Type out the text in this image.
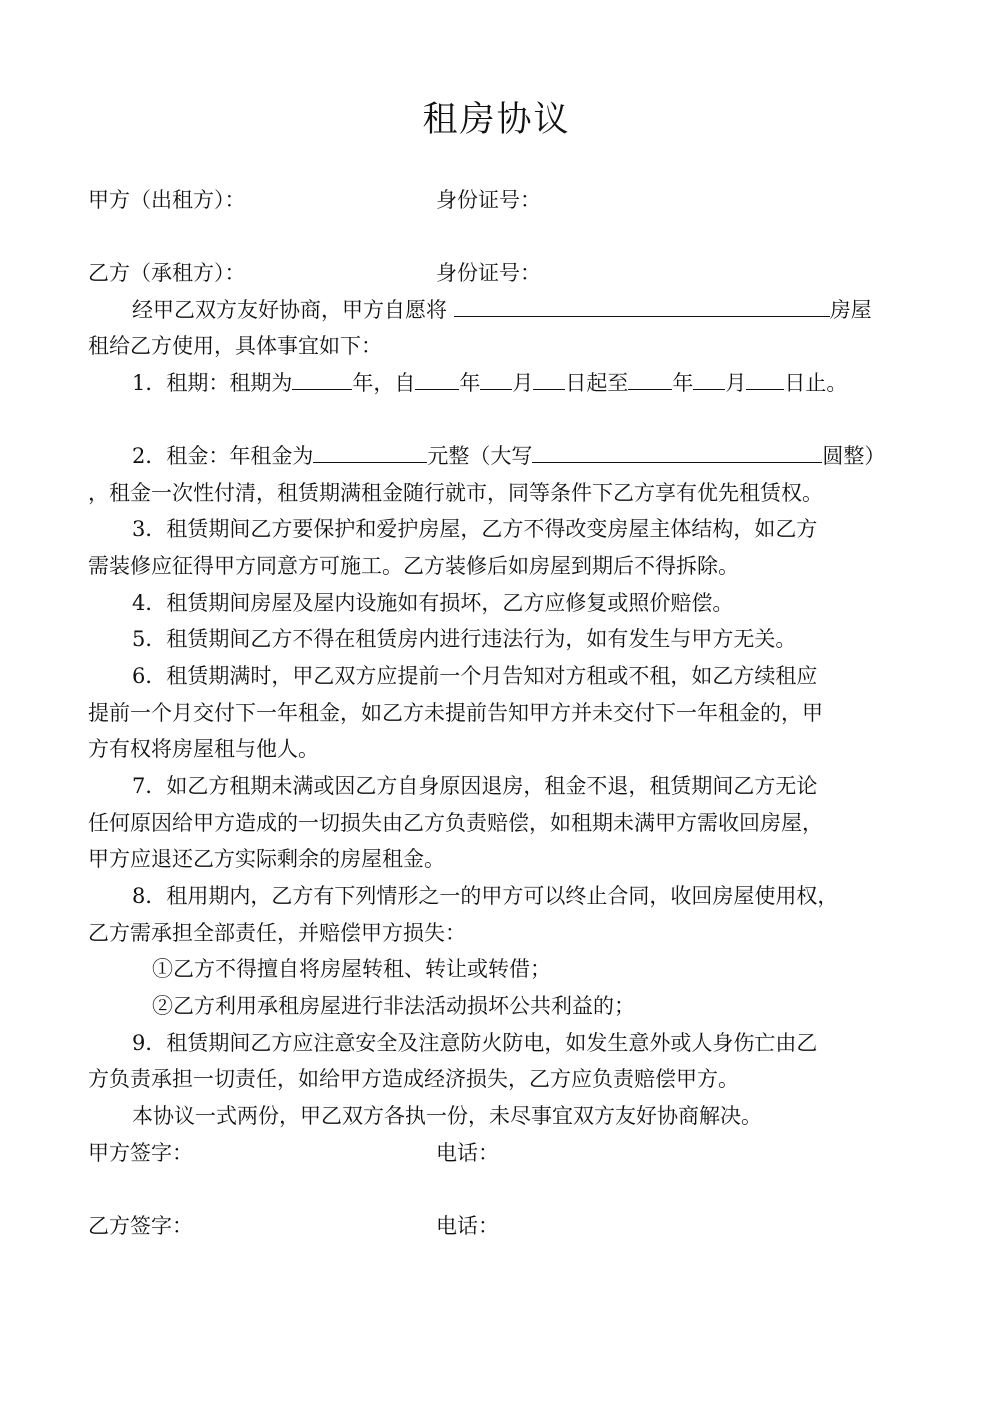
租房协议
甲方（出租方）：	身份证号：
乙方（承租方）：	身份证号：
经甲乙双方友好协商，甲方自愿将	房屋
租给乙方使用，具体事宜如下：
1．租期：租期为	年，自 年 月 日起至 年 月 日止。
2．租金：年租金为	元整（大写	圆整）
，租金一次性付清，租赁期满租金随行就市，同等条件下乙方享有优先租赁权。
3．租赁期间乙方要保护和爱护房屋，乙方不得改变房屋主体结构，如乙方
需装修应征得甲方同意方可施工。乙方装修后如房屋到期后不得拆除。
4．租赁期间房屋及屋内设施如有损坏，乙方应修复或照价赔偿。
5．租赁期间乙方不得在租赁房内进行违法行为，如有发生与甲方无关。
6．租赁期满时，甲乙双方应提前一个月告知对方租或不租，如乙方续租应
提前一个月交付下一年租金，如乙方未提前告知甲方并未交付下一年租金的，甲
方有权将房屋租与他人。
7．如乙方租期未满或因乙方自身原因退房，租金不退，租赁期间乙方无论
任何原因给甲方造成的一切损失由乙方负责赔偿，如租期未满甲方需收回房屋，
甲方应退还乙方实际剩余的房屋租金。
8．租用期内，乙方有下列情形之一的甲方可以终止合同，收回房屋使用权，
乙方需承担全部责任，并赔偿甲方损失：
①乙方不得擅自将房屋转租、转让或转借；
②乙方利用承租房屋进行非法活动损坏公共利益的；
9．租赁期间乙方应注意安全及注意防火防电，如发生意外或人身伤亡由乙
方负责承担一切责任，如给甲方造成经济损失，乙方应负责赔偿甲方。
本协议一式两份，甲乙双方各执一份，未尽事宜双方友好协商解决。
甲方签字：	电话：
乙方签字：	电话：
